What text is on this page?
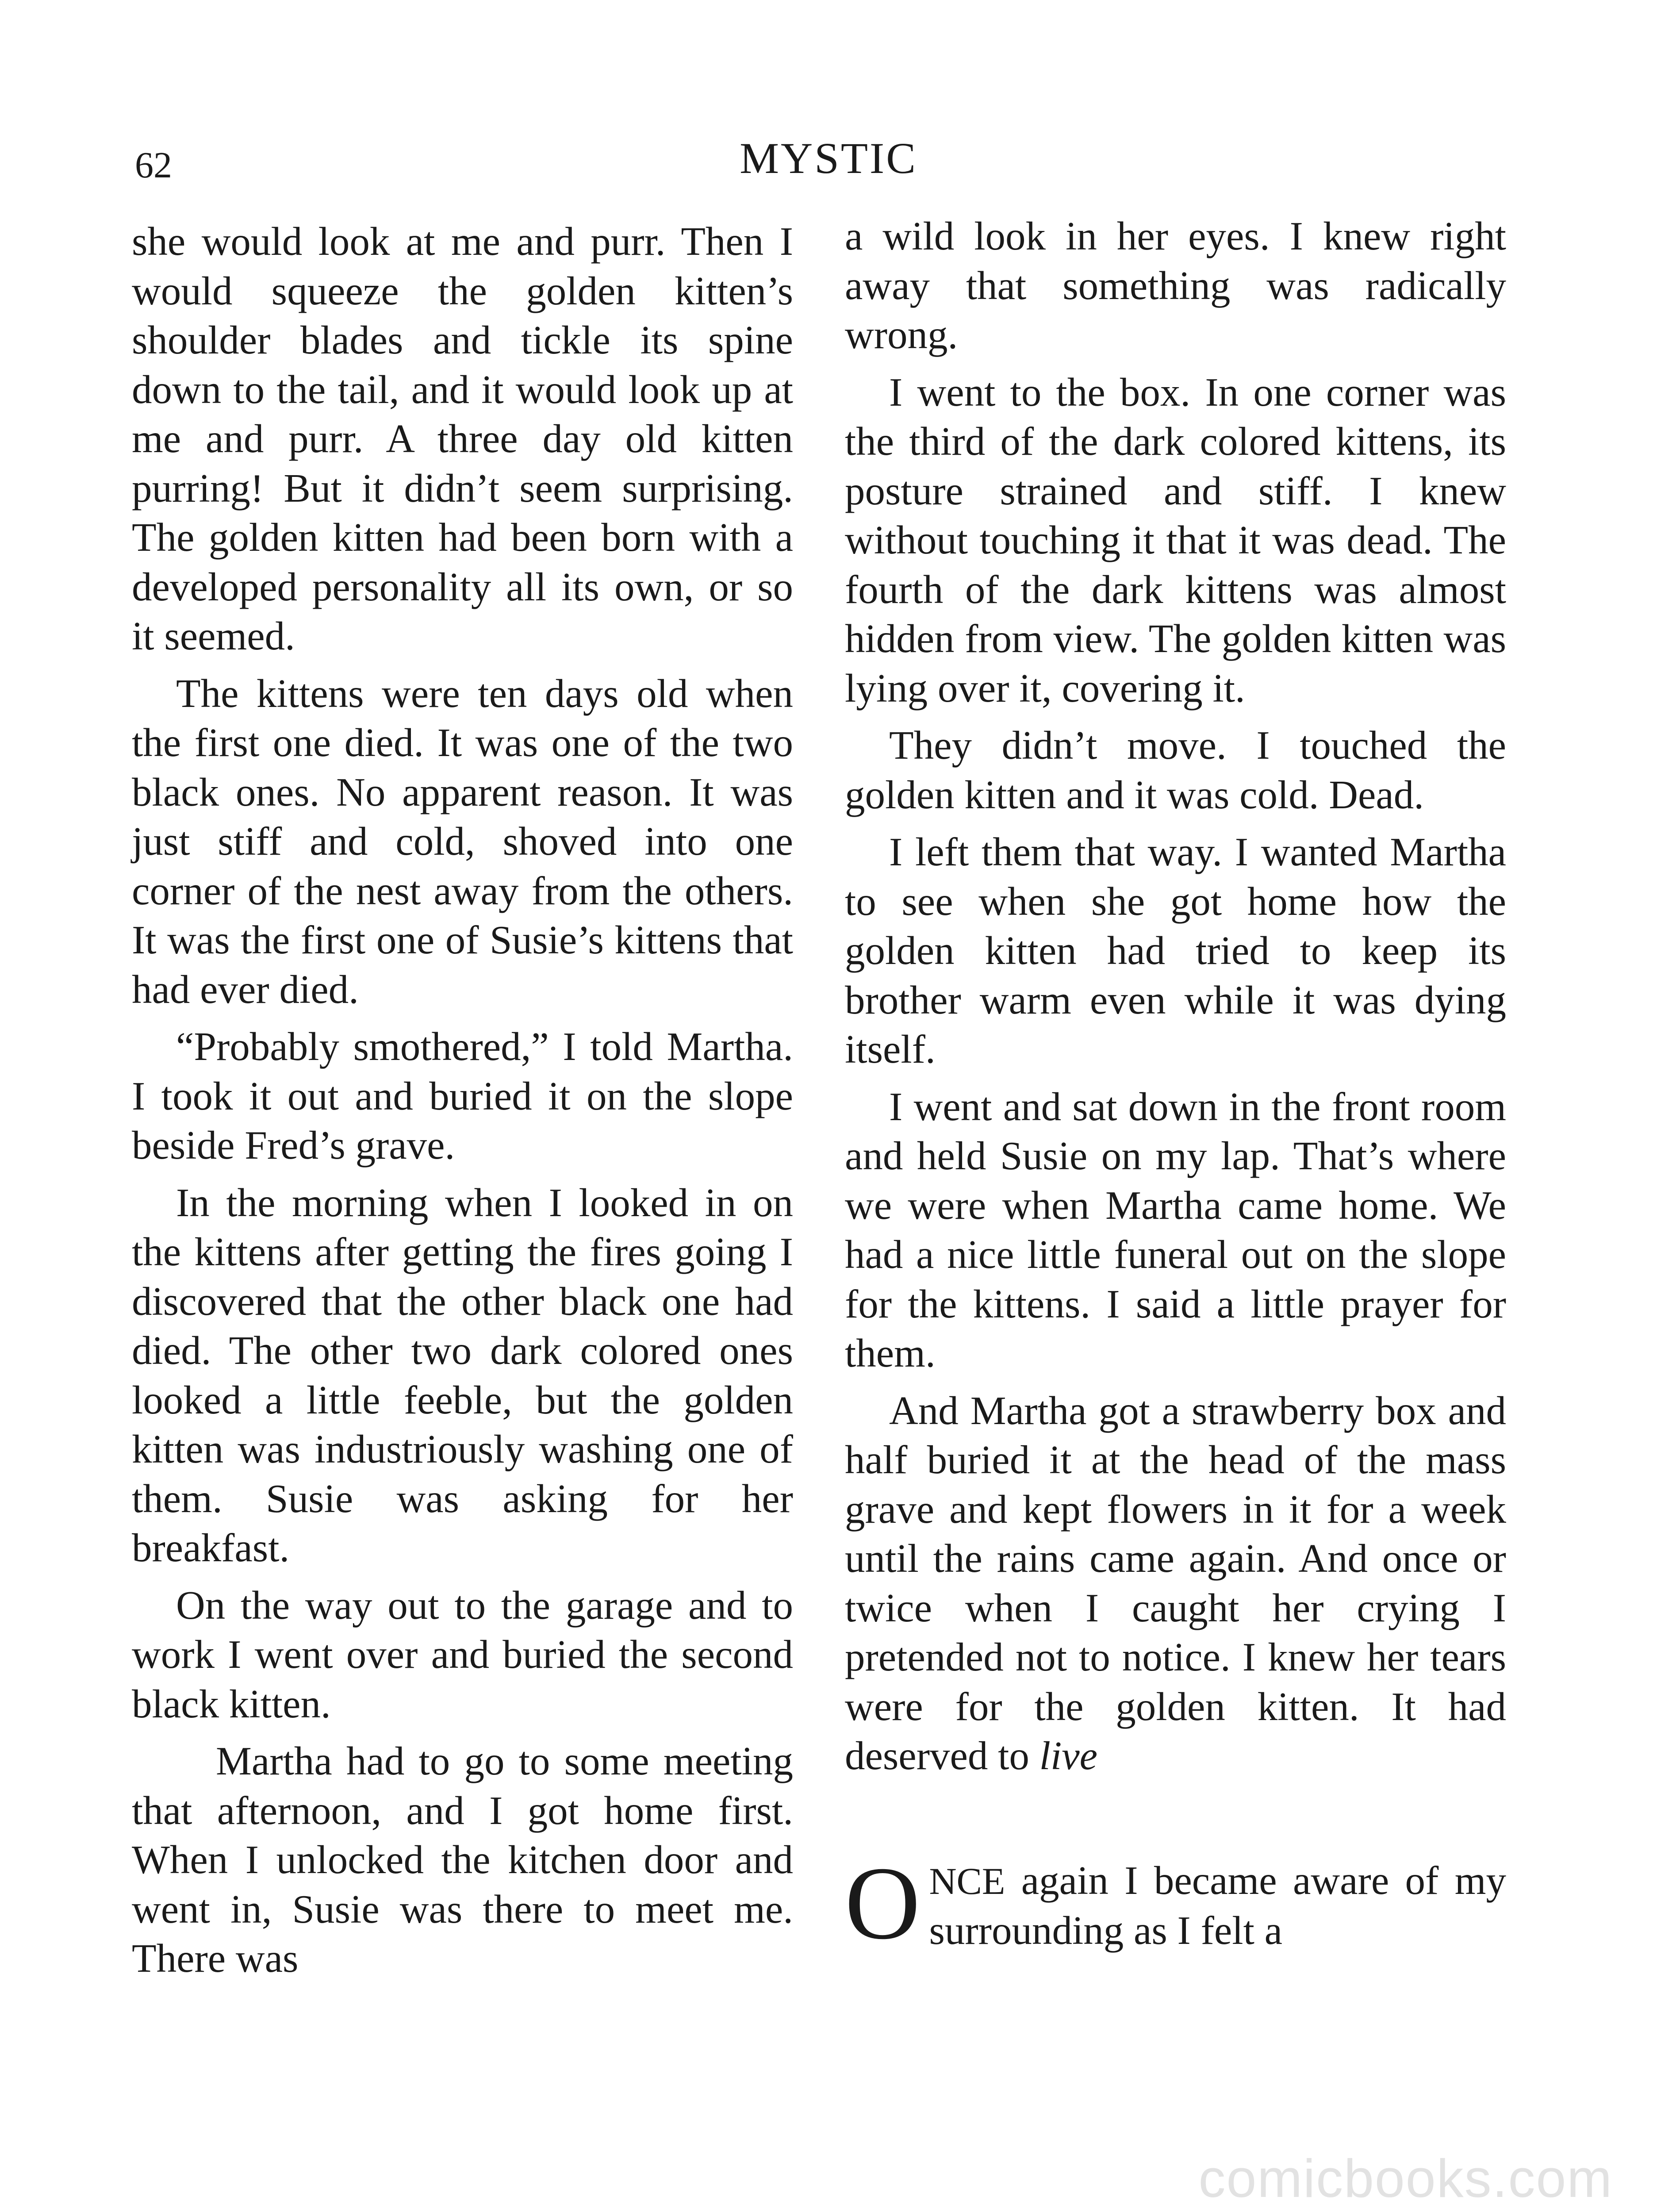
62	MYSTIC

she would look at me and purr. Then I would squeeze the golden kitten’s shoulder blades and tickle its spine down to the tail, and it would look up at me and purr. A three day old kitten purring! But it didn’t seem surprising. The golden kitten had been born with a developed personality all its own, or so it seemed.

The kittens were ten days old when the first one died. It was one of the two black ones. No apparent reason. It was just stiff and cold, shoved into one corner of the nest away from the others. It was the first one of Susie’s kittens that had ever died.

“Probably smothered,” I told Martha. I took it out and buried it on the slope beside Fred’s grave.

In the morning when I looked in on the kittens after getting the fires going I discovered that the other black one had died. The other two dark colored ones looked a little feeble, but the golden kitten was industriously washing one of them. Susie was asking for her breakfast.

On the way out to the garage and to work I went over and buried the second black kitten.

Martha had to go to some meeting that afternoon, and I got home first. When I unlocked the kitchen door and went in, Susie was there to meet me. There was

a wild look in her eyes. I knew right away that something was radically wrong.

I went to the box. In one corner was the third of the dark colored kittens, its posture strained and stiff. I knew without touching it that it was dead. The fourth of the dark kittens was almost hidden from view. The golden kitten was lying over it, covering it.

They didn’t move. I touched the golden kitten and it was cold. Dead.

I left them that way. I wanted Martha to see when she got home how the golden kitten had tried to keep its brother warm even while it was dying itself.

I went and sat down in the front room and held Susie on my lap. That’s where we were when Martha came home. We had a nice little funeral out on the slope for the kittens. I said a little prayer for them.

And Martha got a strawberry box and half buried it at the head of the mass grave and kept flowers in it for a week until the rains came again. And once or twice when I caught her crying I pretended not to notice. I knew her tears were for the golden kitten. It had deserved to live

ONCE again I became aware of my surrounding as I felt a

comicbooks.com
